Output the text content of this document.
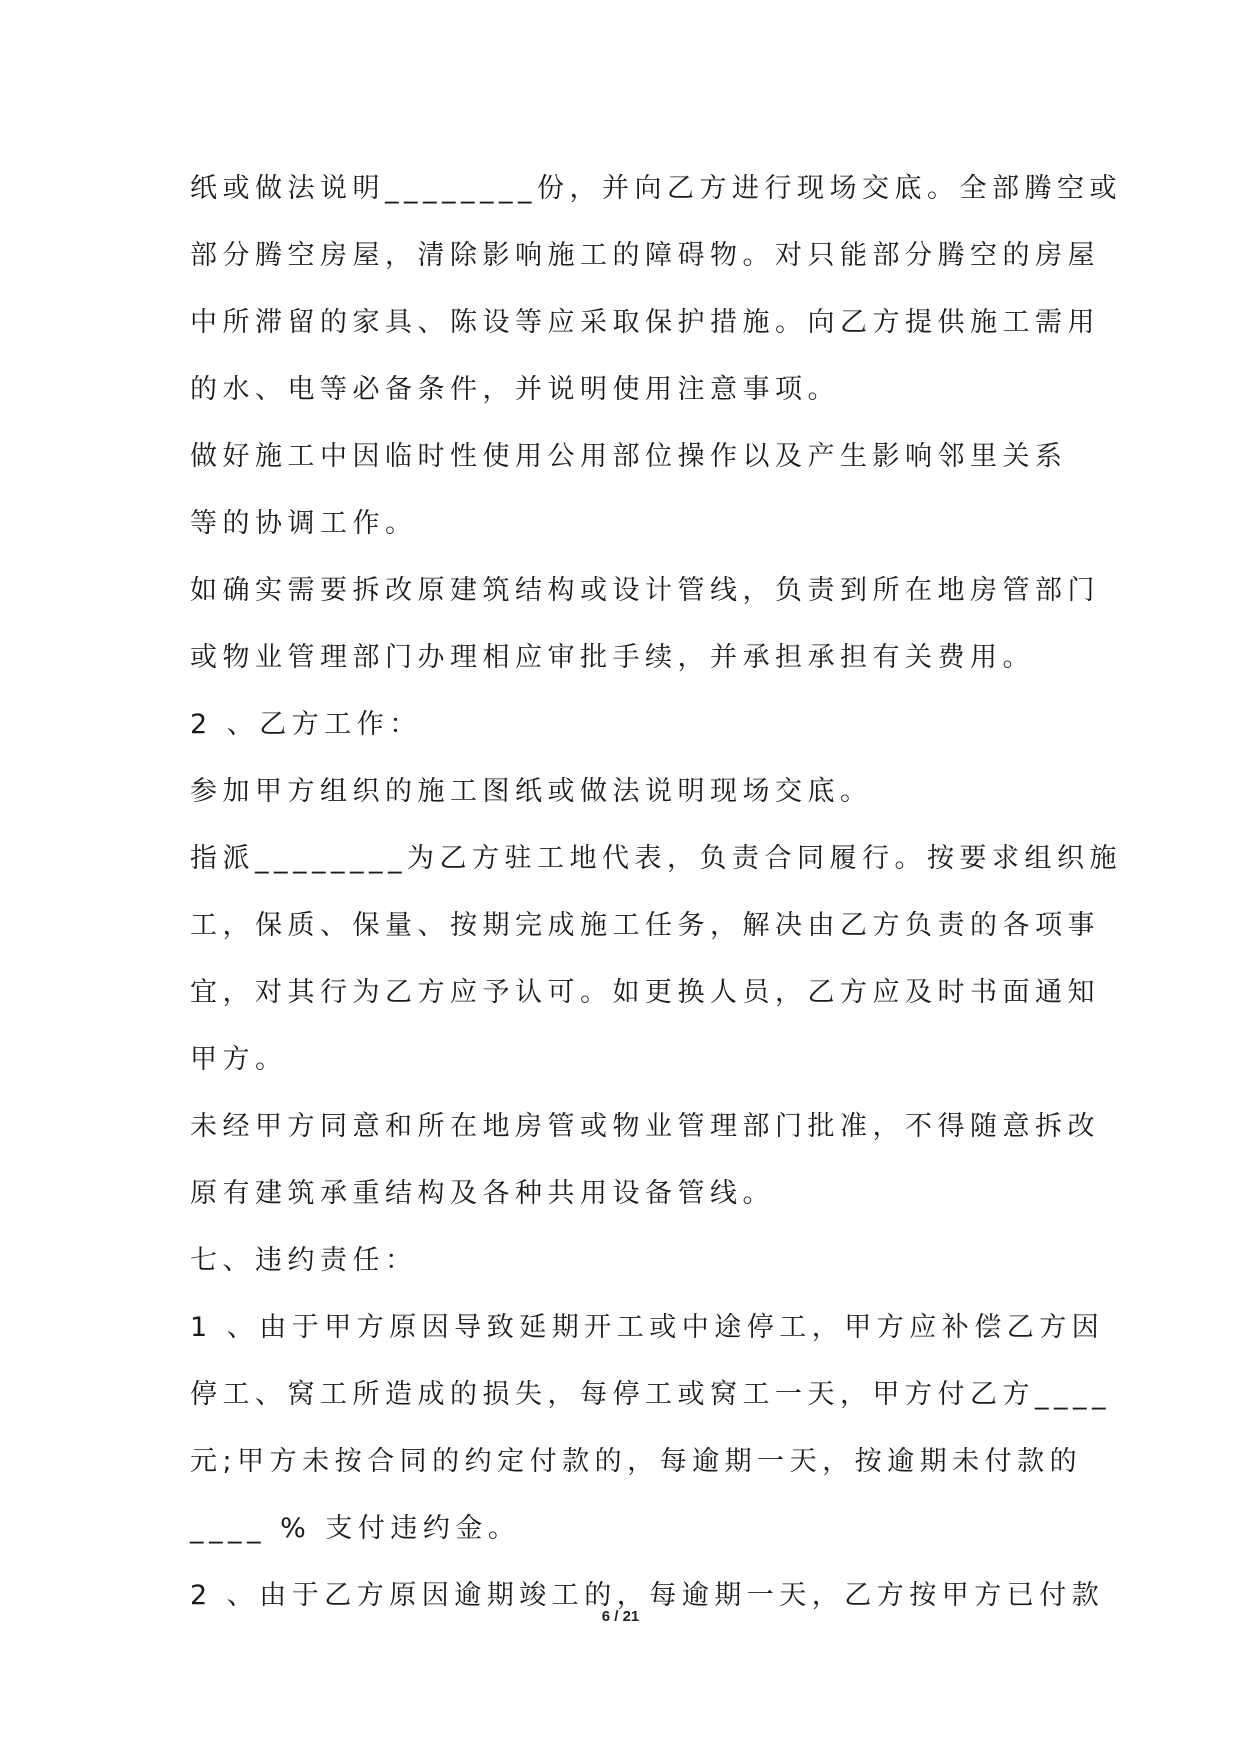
纸或做法说明________份，并向乙方进行现场交底。全部腾空或
部分腾空房屋，清除影响施工的障碍物。对只能部分腾空的房屋
中所滞留的家具、陈设等应采取保护措施。向乙方提供施工需用
的水、电等必备条件，并说明使用注意事项。
做好施工中因临时性使用公用部位操作以及产生影响邻里关系
等的协调工作。
如确实需要拆改原建筑结构或设计管线，负责到所在地房管部门
或物业管理部门办理相应审批手续，并承担承担有关费用。
2 、乙方工作：
参加甲方组织的施工图纸或做法说明现场交底。
指派________为乙方驻工地代表，负责合同履行。按要求组织施
工，保质、保量、按期完成施工任务，解决由乙方负责的各项事
宜，对其行为乙方应予认可。如更换人员，乙方应及时书面通知
甲方。
未经甲方同意和所在地房管或物业管理部门批准，不得随意拆改
原有建筑承重结构及各种共用设备管线。
七、违约责任：
1 、由于甲方原因导致延期开工或中途停工，甲方应补偿乙方因
停工、窝工所造成的损失，每停工或窝工一天，甲方付乙方____
元;甲方未按合同的约定付款的，每逾期一天，按逾期未付款的
____ % 支付违约金。
2 、由于乙方原因逾期竣工的，每逾期一天，乙方按甲方已付款
6 / 21
